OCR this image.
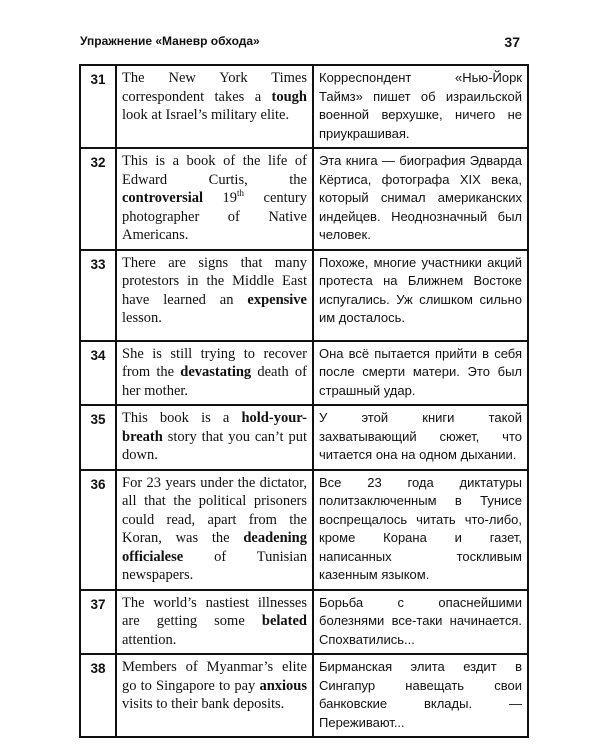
Упражнение «Маневр обхода»	37
31	The New York Times correspondent takes a tough look at Israel’s military elite.	Корреспондент «Нью-Йорк Таймз» пишет об израильской военной верхушке, ничего не приукрашивая.
32	This is a book of the life of Edward Curtis, the controversial 19th century photographer of Native Americans.	Эта книга — биография Эдварда Кёртиса, фотографа XIX века, который снимал американских индейцев. Неоднозначный был человек.
33	There are signs that many protestors in the Middle East have learned an expensive lesson.	Похоже, многие участники акций протеста на Ближнем Востоке испугались. Уж слишком сильно им досталось.
34	She is still trying to recover from the devastating death of her mother.	Она всё пытается прийти в себя после смерти матери. Это был страшный удар.
35	This book is a hold-your-breath story that you can’t put down.	У этой книги такой захватывающий сюжет, что читается она на одном дыхании.
36	For 23 years under the dictator, all that the political prisoners could read, apart from the Koran, was the deadening officialese of Tunisian newspapers.	Все 23 года диктатуры политзаключенным в Тунисе воспрещалось читать что-либо, кроме Корана и газет, написанных тоскливым казенным языком.
37	The world’s nastiest illnesses are getting some belated attention.	Борьба с опаснейшими болезнями все-таки начинается. Спохватились...
38	Members of Myanmar’s elite go to Singapore to pay anxious visits to their bank deposits.	Бирманская элита ездит в Сингапур навещать свои банковские вклады. — Переживают...
